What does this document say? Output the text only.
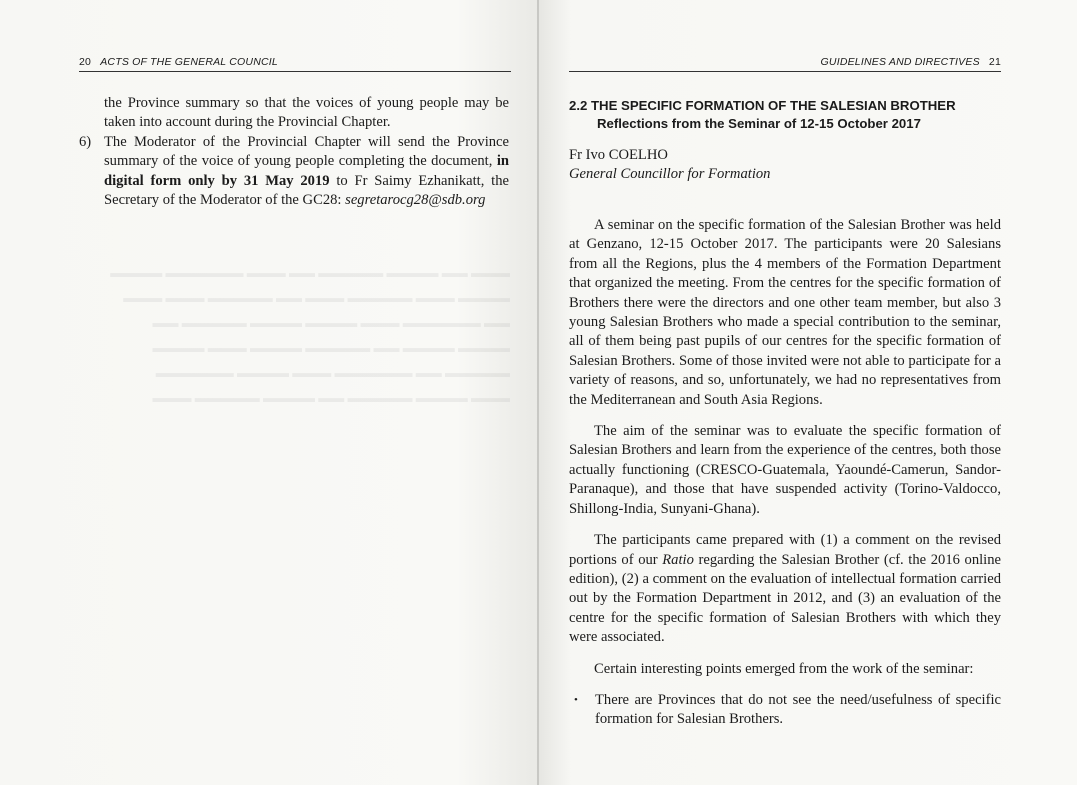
20 ACTS OF THE GENERAL COUNCIL
▬▬▬ ▬▬ ▬▬▬▬ ▬▬▬▬▬ ▬▬ ▬▬▬ ▬▬▬▬▬▬ ▬▬▬▬
▬▬▬▬ ▬▬▬ ▬▬▬▬▬ ▬▬▬ ▬▬ ▬▬▬▬▬ ▬▬▬ ▬▬▬
▬▬ ▬▬▬▬▬▬ ▬▬▬ ▬▬▬▬ ▬▬▬▬ ▬▬▬▬▬ ▬▬
▬▬▬▬ ▬▬▬▬ ▬▬ ▬▬▬▬▬ ▬▬▬▬ ▬▬▬ ▬▬▬▬
▬▬▬▬▬ ▬▬ ▬▬▬▬▬▬ ▬▬▬ ▬▬▬▬ ▬▬▬▬▬▬
▬▬▬ ▬▬▬▬ ▬▬▬▬▬ ▬▬ ▬▬▬▬ ▬▬▬▬▬ ▬▬▬

the Province summary so that the voices of young people may be taken into account during the Provincial Chapter.

6) The Moderator of the Provincial Chapter will send the Province summary of the voice of young people completing the document, in digital form only by 31 May 2019 to Fr Saimy Ezhanikatt, the Secretary of the Moderator of the GC28: segretarocg28@sdb.org

GUIDELINES AND DIRECTIVES 21
2.2 THE SPECIFIC FORMATION OF THE SALESIAN BROTHER
Reflections from the Seminar of 12-15 October 2017
Fr Ivo COELHO
General Councillor for Formation

A seminar on the specific formation of the Salesian Brother was held at Genzano, 12-15 October 2017. The participants were 20 Salesians from all the Regions, plus the 4 members of the Formation Department that organized the meeting. From the centres for the specific formation of Brothers there were the directors and one other team member, but also 3 young Salesian Brothers who made a special contribution to the seminar, all of them being past pupils of our centres for the specific formation of Salesian Brothers. Some of those invited were not able to participate for a variety of reasons, and so, unfortunately, we had no representatives from the Mediterranean and South Asia Regions.

The aim of the seminar was to evaluate the specific formation of Salesian Brothers and learn from the experience of the centres, both those actually functioning (CRESCO-Guatemala, Yaoundé-Camerun, Sandor-Paranaque), and those that have suspended activity (Torino-Valdocco, Shillong-India, Sunyani-Ghana).

The participants came prepared with (1) a comment on the revised portions of our Ratio regarding the Salesian Brother (cf. the 2016 online edition), (2) a comment on the evaluation of intellectual formation carried out by the Formation Department in 2012, and (3) an evaluation of the centre for the specific formation of Salesian Brothers with which they were associated.

Certain interesting points emerged from the work of the seminar:

• There are Provinces that do not see the need/usefulness of specific formation for Salesian Brothers.
